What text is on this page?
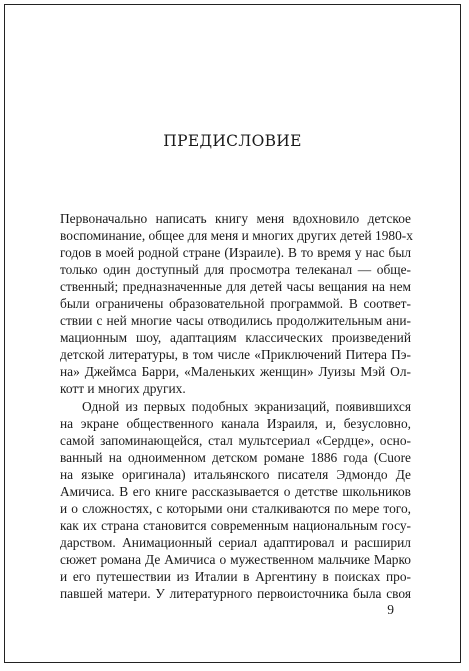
ПРЕДИСЛОВИЕ
Первоначально написать книгу меня вдохновило детское
воспоминание, общее для меня и многих других детей 1980-х
годов в моей родной стране (Израиле). В то время у нас был
только один доступный для просмотра телеканал — обще-
ственный; предназначенные для детей часы вещания на нем
были ограничены образовательной программой. В соответ-
ствии с ней многие часы отводились продолжительным ани-
мационным шоу, адаптациям классических произведений
детской литературы, в том числе «Приключений Питера Пэ-
на» Джеймса Барри, «Маленьких женщин» Луизы Мэй Ол-
котт и многих других.
Одной из первых подобных экранизаций, появившихся
на экране общественного канала Израиля, и, безусловно,
самой запоминающейся, стал мультсериал «Сердце», осно-
ванный на одноименном детском романе 1886 года (Cuore
на языке оригинала) итальянского писателя Эдмондо Де
Амичиса. В его книге рассказывается о детстве школьников
и о сложностях, с которыми они сталкиваются по мере того,
как их страна становится современным национальным госу-
дарством. Анимационный сериал адаптировал и расширил
сюжет романа Де Амичиса о мужественном мальчике Марко
и его путешествии из Италии в Аргентину в поисках про-
павшей матери. У литературного первоисточника была своя
9
